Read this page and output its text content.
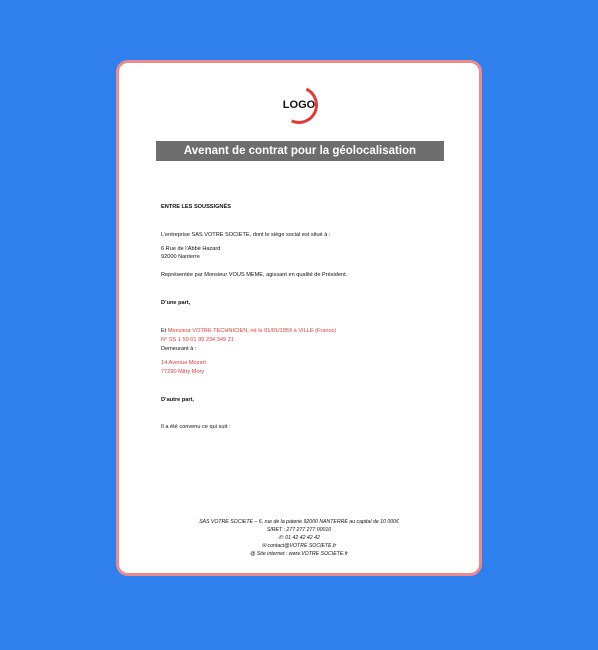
LOGO
Avenant de contrat pour la géolocalisation
ENTRE LES SOUSSIGNÉS
L’entreprise SAS VOTRE SOCIETE, dont le siège social est situé à :
6 Rue de l’Abbé Hazard
92000 Nanterre
Représentée par Monsieur VOUS MEME, agissant en qualité de Président.
D’une part,
Et Monsieur VOTRE TECHNICIEN, né le 01/01/1959 à VILLE (France)
N° SS 1 59 01 99 234 349 31
Demeurant à :
14 Avenue Mozart
77290 Mitry Mory
D’autre part,
Il a été convenu ce qui suit :
SAS VOTRE SOCIETE – 6, rue de la paterie 92000 NANTERRE au capital de 10 000€
SIRET : 277 277 277 00010
✆: 01 42 42 42 42
✉ contact@VOTRE SOCIETE.fr
@ Site internet : www.VOTRE SOCIETE.fr
